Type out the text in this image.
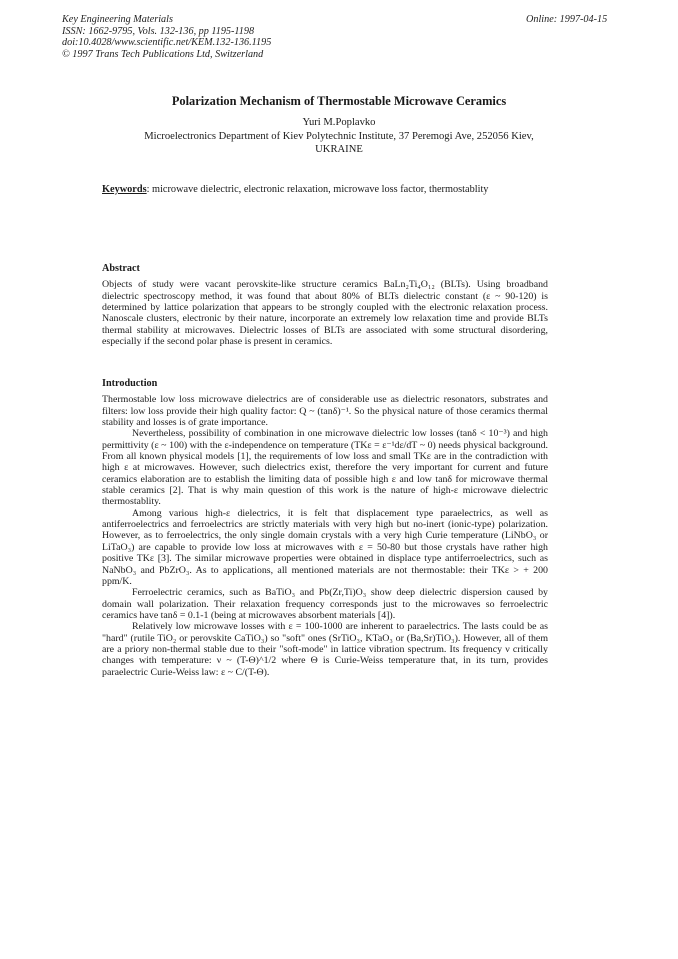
Key Engineering Materials
ISSN: 1662-9795, Vols. 132-136, pp 1195-1198
doi:10.4028/www.scientific.net/KEM.132-136.1195
© 1997 Trans Tech Publications Ltd, Switzerland
Online: 1997-04-15
Polarization Mechanism of Thermostable Microwave Ceramics
Yuri M.Poplavko
Microelectronics Department of Kiev Polytechnic Institute, 37 Peremogi Ave, 252056 Kiev,
UKRAINE
Keywords: microwave dielectric, electronic relaxation, microwave loss factor, thermostablity
Abstract

Objects of study were vacant perovskite-like structure ceramics BaLn₂Ti₄O₁₂ (BLTs). Using broadband dielectric spectroscopy method, it was found that about 80% of BLTs dielectric constant (ε ~ 90-120) is determined by lattice polarization that appears to be strongly coupled with the electronic relaxation process. Nanoscale clusters, electronic by their nature, incorporate an extremely low relaxation time and provide BLTs thermal stability at microwaves. Dielectric losses of BLTs are associated with some structural disordering, especially if the second polar phase is present in ceramics.

Introduction

Thermostable low loss microwave dielectrics are of considerable use as dielectric resonators, substrates and filters: low loss provide their high quality factor: Q ~ (tanδ)⁻¹. So the physical nature of those ceramics thermal stability and losses is of grate importance.

Nevertheless, possibility of combination in one microwave dielectric low losses (tanδ < 10⁻³) and high permittivity (ε ~ 100) with the ε-independence on temperature (TKε = ε⁻¹dε/dT ~ 0) needs physical background. From all known physical models [1], the requirements of low loss and small TKε are in the contradiction with high ε at microwaves. However, such dielectrics exist, therefore the very important for current and future ceramics elaboration are to establish the limiting data of possible high ε and low tanδ for microwave thermal stable ceramics [2]. That is why main question of this work is the nature of high-ε microwave dielectric thermostablity.

Among various high-ε dielectrics, it is felt that displacement type paraelectrics, as well as antiferroelectrics and ferroelectrics are strictly materials with very high but no-inert (ionic-type) polarization. However, as to ferroelectrics, the only single domain crystals with a very high Curie temperature (LiNbO₃ or LiTaO₃) are capable to provide low loss at microwaves with ε = 50-80 but those crystals have rather high positive TKε [3]. The similar microwave properties were obtained in displace type antiferroelectrics, such as NaNbO₃ and PbZrO₃. As to applications, all mentioned materials are not thermostable: their TKε > + 200 ppm/K.

Ferroelectric ceramics, such as BaTiO₃ and Pb(Zr,Ti)O₃ show deep dielectric dispersion caused by domain wall polarization. Their relaxation frequency corresponds just to the microwaves so ferroelectric ceramics have tanδ = 0.1-1 (being at microwaves absorbent materials [4]).

Relatively low microwave losses with ε = 100-1000 are inherent to paraelectrics. The lasts could be as "hard" (rutile TiO₂ or perovskite CaTiO₃) so "soft" ones (SrTiO₃, KTaO₃ or (Ba,Sr)TiO₃). However, all of them are a priory non-thermal stable due to their "soft-mode" in lattice vibration spectrum. Its frequency ν critically changes with temperature: ν ~ (T-Θ)^1/2 where Θ is Curie-Weiss temperature that, in its turn, provides paraelectric Curie-Weiss law: ε ~ C/(T-Θ).
